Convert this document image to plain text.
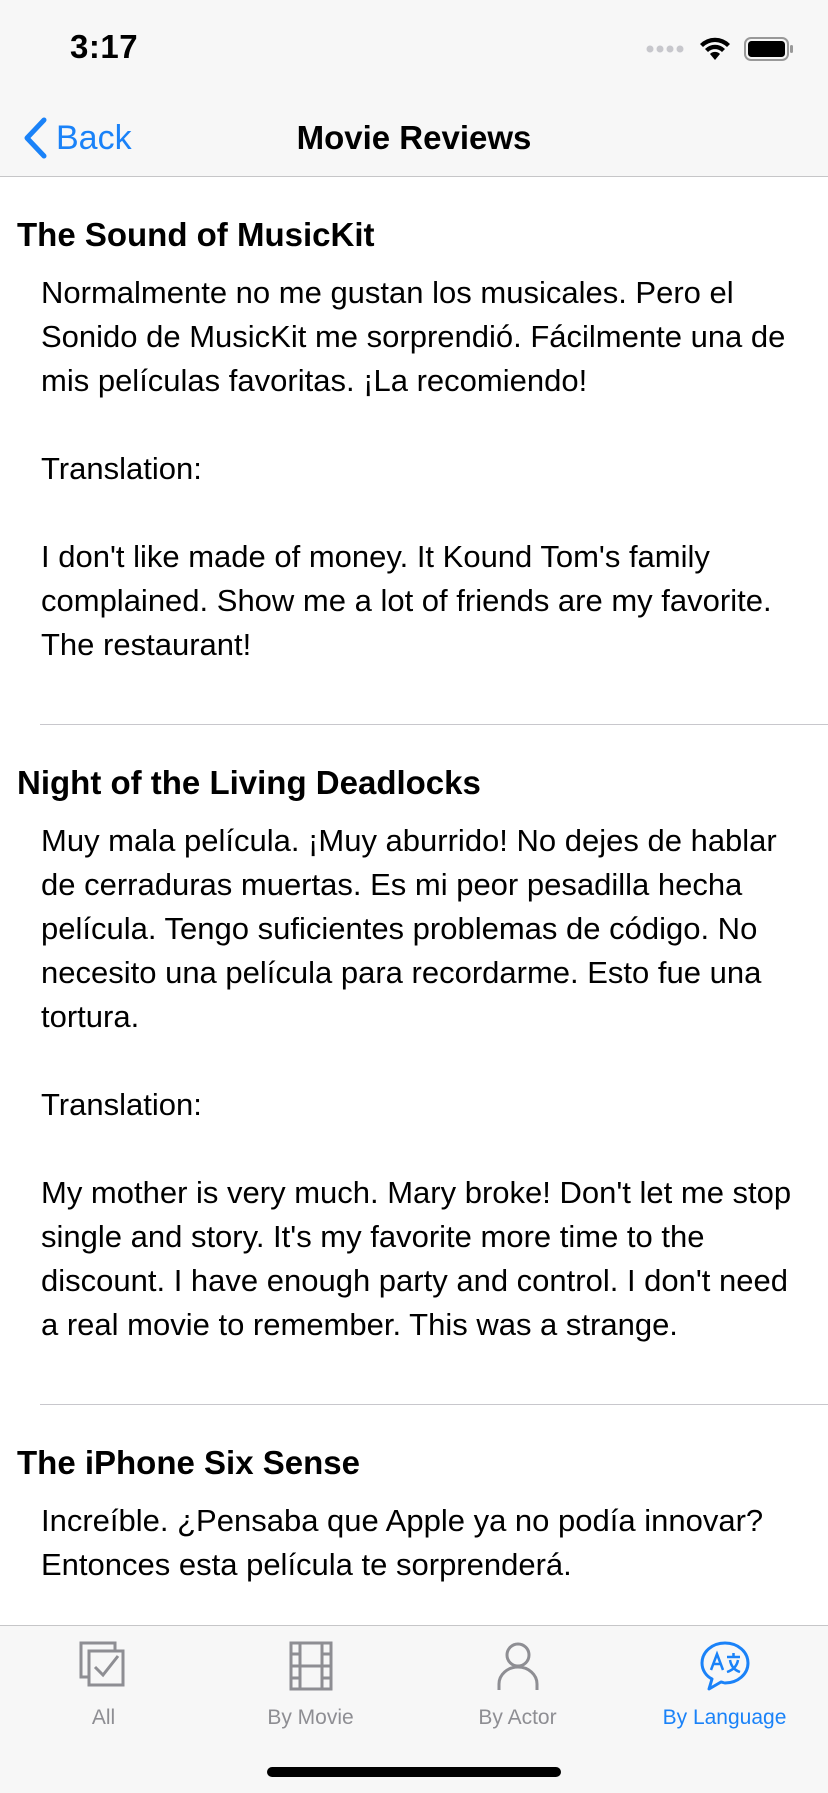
3:17
Back	Movie Reviews
The Sound of MusicKit

Normalmente no me gustan los musicales. Pero el Sonido de MusicKit me sorprendió. Fácilmente una de mis películas favoritas. ¡La recomiendo!

Translation:

I don't like made of money. It Kound Tom's family complained. Show me a lot of friends are my favorite. The restaurant!

Night of the Living Deadlocks

Muy mala película. ¡Muy aburrido! No dejes de hablar de cerraduras muertas. Es mi peor pesadilla hecha película. Tengo suficientes problemas de código. No necesito una película para recordarme. Esto fue una tortura.

Translation:

My mother is very much. Mary broke! Don't let me stop single and story. It's my favorite more time to the discount. I have enough party and control. I don't need a real movie to remember. This was a strange.

The iPhone Six Sense

Increíble. ¿Pensaba que Apple ya no podía innovar? Entonces esta película te sorprenderá.

All	By Movie	By Actor	By Language
